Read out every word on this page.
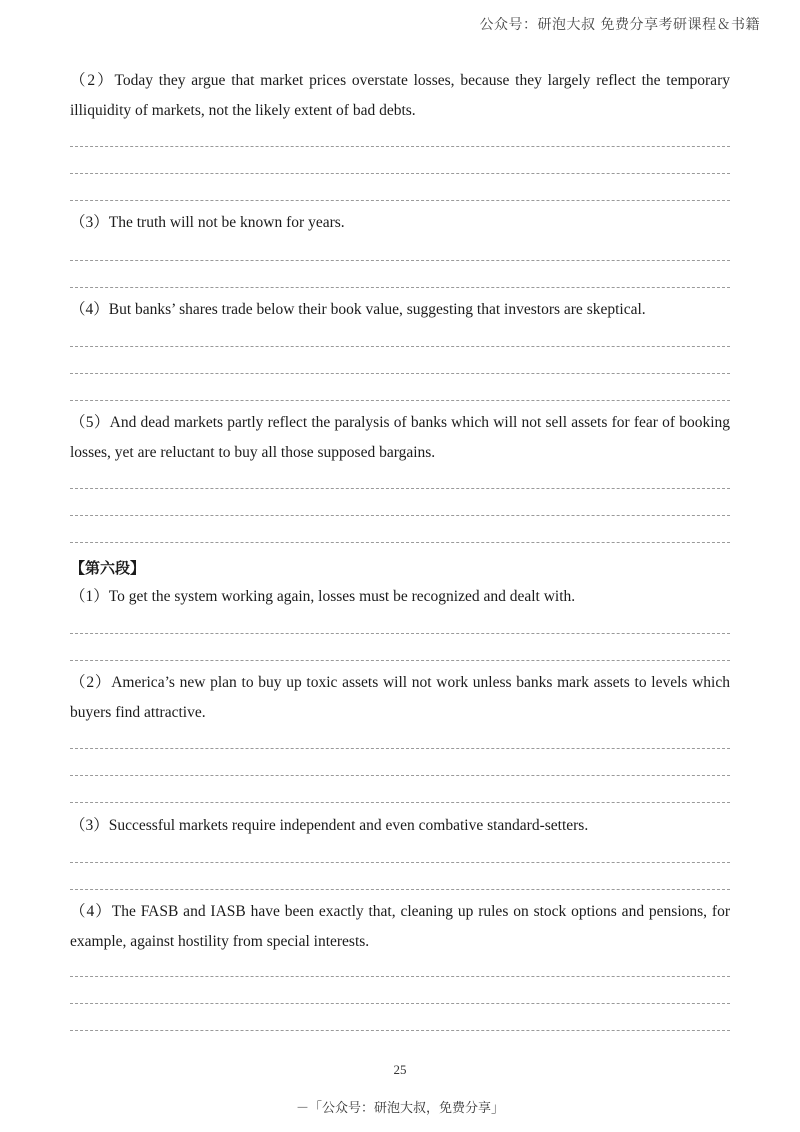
公众号：研泡大叔 免费分享考研课程＆书籍

（2）Today they argue that market prices overstate losses, because they largely reflect the temporary illiquidity of markets, not the likely extent of bad debts.

（3）The truth will not be known for years.

（4）But banks’ shares trade below their book value, suggesting that investors are skeptical.

（5）And dead markets partly reflect the paralysis of banks which will not sell assets for fear of booking losses, yet are reluctant to buy all those supposed bargains.

（1）To get the system working again, losses must be recognized and dealt with.

（2）America’s new plan to buy up toxic assets will not work unless banks mark assets to levels which buyers find attractive.

（3）Successful markets require independent and even combative standard-setters.

（4）The FASB and IASB have been exactly that, cleaning up rules on stock options and pensions, for example, against hostility from special interests.

【第六段】
25
－「公众号：研泡大叔，免费分享」
